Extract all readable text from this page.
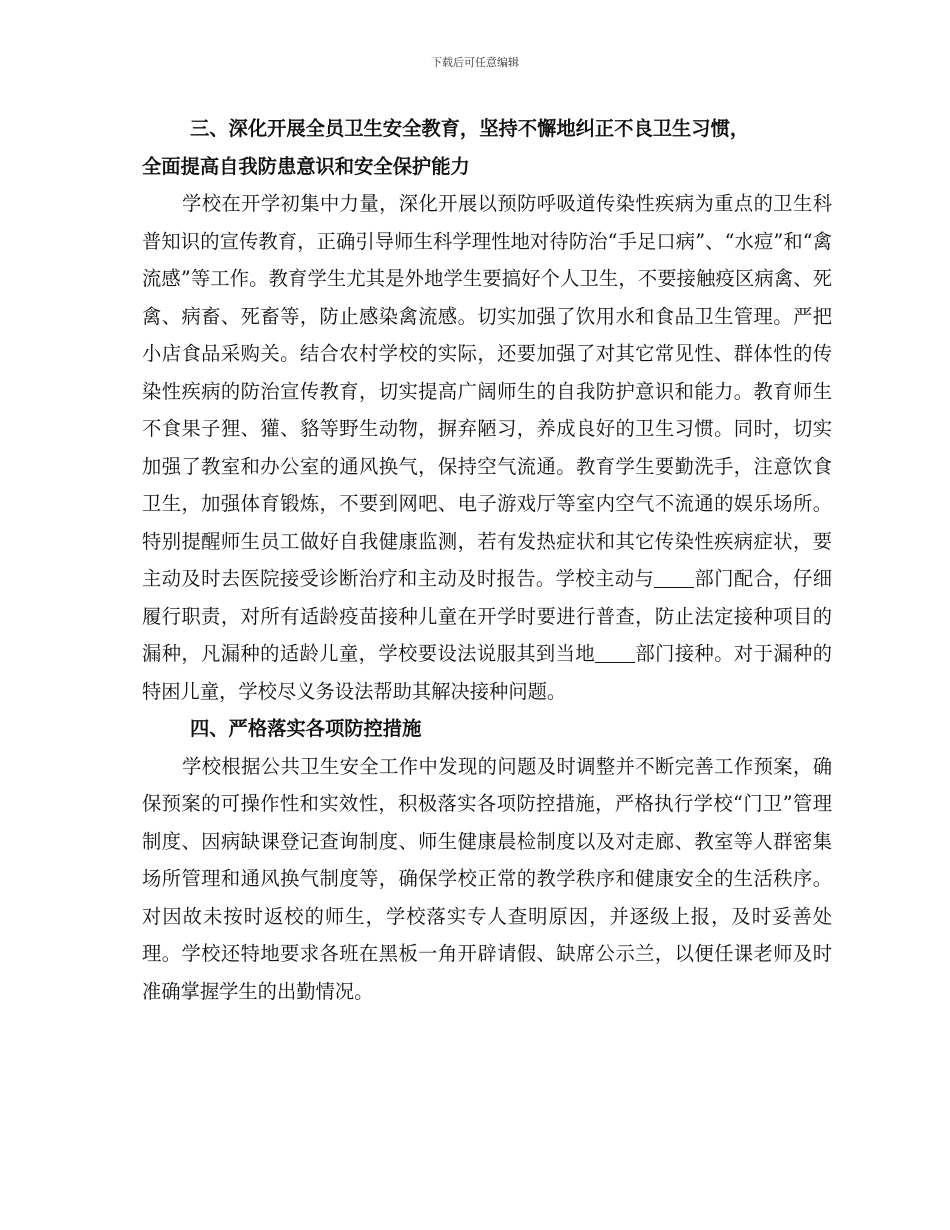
下载后可任意编辑

三、深化开展全员卫生安全教育，坚持不懈地纠正不良卫生习惯，

全面提高自我防患意识和安全保护能力

学校在开学初集中力量，深化开展以预防呼吸道传染性疾病为重点的卫生科普知识的宣传教育，正确引导师生科学理性地对待防治“手足口病”、“水痘”和“禽流感”等工作。教育学生尤其是外地学生要搞好个人卫生，不要接触疫区病禽、死禽、病畜、死畜等，防止感染禽流感。切实加强了饮用水和食品卫生管理。严把小店食品采购关。结合农村学校的实际，还要加强了对其它常见性、群体性的传染性疾病的防治宣传教育，切实提高广阔师生的自我防护意识和能力。教育师生不食果子狸、獾、貉等野生动物，摒弃陋习，养成良好的卫生习惯。同时，切实加强了教室和办公室的通风换气，保持空气流通。教育学生要勤洗手，注意饮食卫生，加强体育锻炼，不要到网吧、电子游戏厅等室内空气不流通的娱乐场所。特别提醒师生员工做好自我健康监测，若有发热症状和其它传染性疾病症状，要主动及时去医院接受诊断治疗和主动及时报告。学校主动与 部门配合，仔细履行职责，对所有适龄疫苗接种儿童在开学时要进行普查，防止法定接种项目的漏种，凡漏种的适龄儿童，学校要设法说服其到当地 部门接种。对于漏种的特困儿童，学校尽义务设法帮助其解决接种问题。

四、严格落实各项防控措施

学校根据公共卫生安全工作中发现的问题及时调整并不断完善工作预案，确保预案的可操作性和实效性，积极落实各项防控措施，严格执行学校“门卫”管理制度、因病缺课登记查询制度、师生健康晨检制度以及对走廊、教室等人群密集场所管理和通风换气制度等，确保学校正常的教学秩序和健康安全的生活秩序。对因故未按时返校的师生，学校落实专人查明原因，并逐级上报，及时妥善处理。学校还特地要求各班在黑板一角开辟请假、缺席公示兰，以便任课老师及时准确掌握学生的出勤情况。
